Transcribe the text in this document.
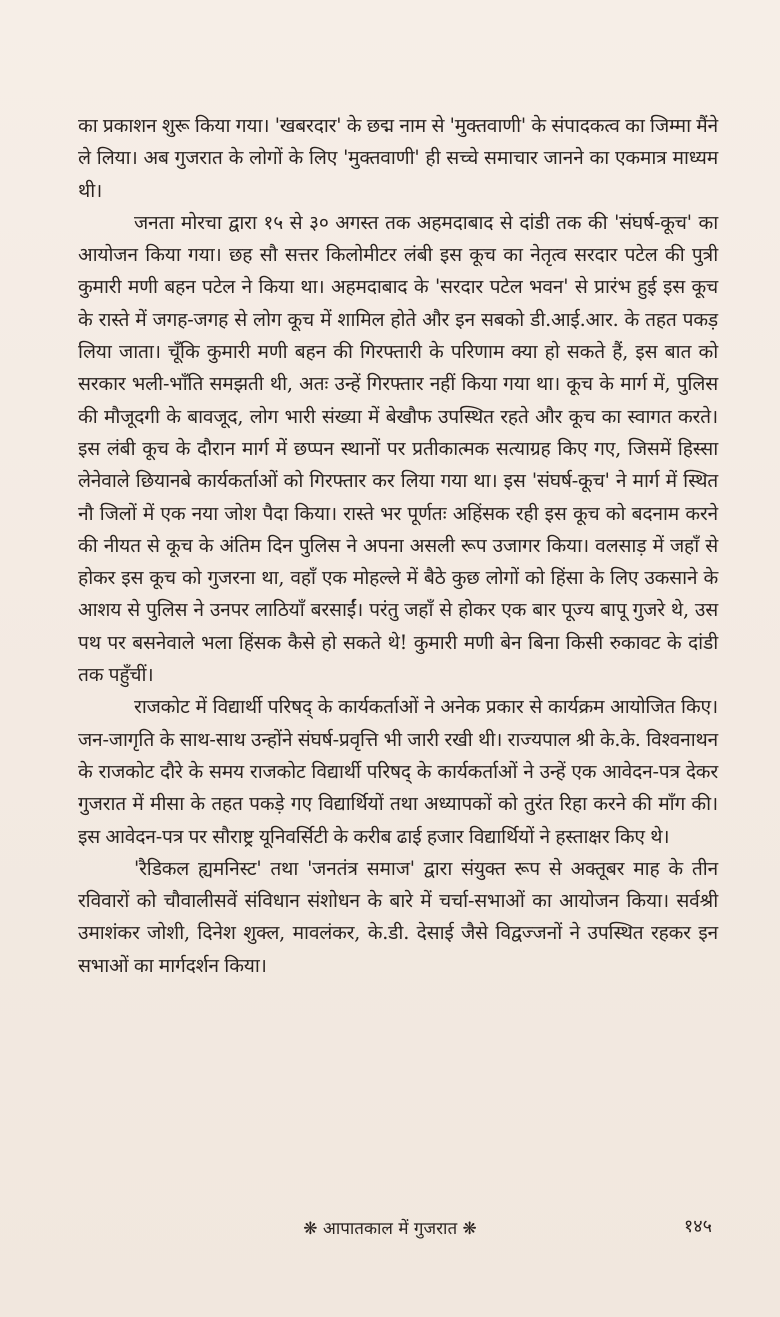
का प्रकाशन शुरू किया गया। 'खबरदार' के छद्म नाम से 'मुक्तवाणी' के संपादकत्व का जिम्मा मैंने ले लिया। अब गुजरात के लोगों के लिए 'मुक्तवाणी' ही सच्चे समाचार जानने का एकमात्र माध्यम थी।

जनता मोरचा द्वारा १५ से ३० अगस्त तक अहमदाबाद से दांडी तक की 'संघर्ष-कूच' का आयोजन किया गया। छह सौ सत्तर किलोमीटर लंबी इस कूच का नेतृत्व सरदार पटेल की पुत्री कुमारी मणी बहन पटेल ने किया था। अहमदाबाद के 'सरदार पटेल भवन' से प्रारंभ हुई इस कूच के रास्ते में जगह-जगह से लोग कूच में शामिल होते और इन सबको डी.आई.आर. के तहत पकड़ लिया जाता। चूँकि कुमारी मणी बहन की गिरफ्तारी के परिणाम क्या हो सकते हैं, इस बात को सरकार भली-भाँति समझती थी, अतः उन्हें गिरफ्तार नहीं किया गया था। कूच के मार्ग में, पुलिस की मौजूदगी के बावजूद, लोग भारी संख्या में बेखौफ उपस्थित रहते और कूच का स्वागत करते। इस लंबी कूच के दौरान मार्ग में छप्पन स्थानों पर प्रतीकात्मक सत्याग्रह किए गए, जिसमें हिस्सा लेनेवाले छियानबे कार्यकर्ताओं को गिरफ्तार कर लिया गया था। इस 'संघर्ष-कूच' ने मार्ग में स्थित नौ जिलों में एक नया जोश पैदा किया। रास्ते भर पूर्णतः अहिंसक रही इस कूच को बदनाम करने की नीयत से कूच के अंतिम दिन पुलिस ने अपना असली रूप उजागर किया। वलसाड़ में जहाँ से होकर इस कूच को गुजरना था, वहाँ एक मोहल्ले में बैठे कुछ लोगों को हिंसा के लिए उकसाने के आशय से पुलिस ने उनपर लाठियाँ बरसाईं। परंतु जहाँ से होकर एक बार पूज्य बापू गुजरे थे, उस पथ पर बसनेवाले भला हिंसक कैसे हो सकते थे! कुमारी मणी बेन बिना किसी रुकावट के दांडी तक पहुँचीं।

राजकोट में विद्यार्थी परिषद् के कार्यकर्ताओं ने अनेक प्रकार से कार्यक्रम आयोजित किए। जन-जागृति के साथ-साथ उन्होंने संघर्ष-प्रवृत्ति भी जारी रखी थी। राज्यपाल श्री के.के. विश्वनाथन के राजकोट दौरे के समय राजकोट विद्यार्थी परिषद् के कार्यकर्ताओं ने उन्हें एक आवेदन-पत्र देकर गुजरात में मीसा के तहत पकड़े गए विद्यार्थियों तथा अध्यापकों को तुरंत रिहा करने की माँग की। इस आवेदन-पत्र पर सौराष्ट्र यूनिवर्सिटी के करीब ढाई हजार विद्यार्थियों ने हस्ताक्षर किए थे।

'रैडिकल ह्यमनिस्ट' तथा 'जनतंत्र समाज' द्वारा संयुक्त रूप से अक्तूबर माह के तीन रविवारों को चौवालीसवें संविधान संशोधन के बारे में चर्चा-सभाओं का आयोजन किया। सर्वश्री उमाशंकर जोशी, दिनेश शुक्ल, मावलंकर, के.डी. देसाई जैसे विद्वज्जनों ने उपस्थित रहकर इन सभाओं का मार्गदर्शन किया।

❋ आपातकाल में गुजरात ❋	१४५
